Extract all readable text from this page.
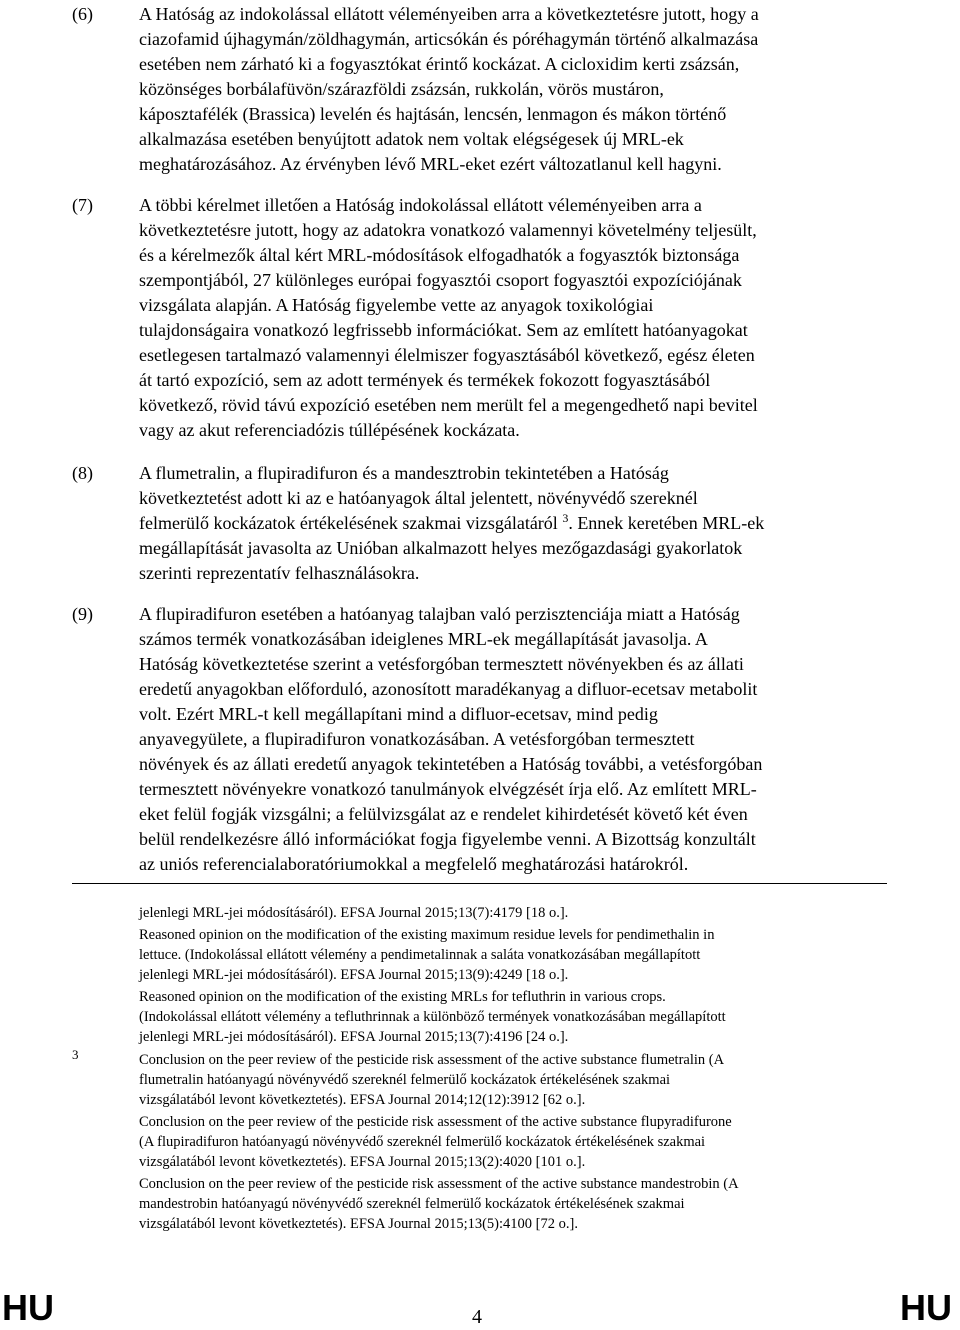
(6)	A Hatóság az indokolással ellátott véleményeiben arra a következtetésre jutott, hogy a
ciazofamid újhagymán/zöldhagymán, articsókán és póréhagymán történő alkalmazása
esetében nem zárható ki a fogyasztókat érintő kockázat. A cicloxidim kerti zsázsán,
közönséges borbálafüvön/szárazföldi zsázsán, rukkolán, vörös mustáron,
káposztafélék (Brassica) levelén és hajtásán, lencsén, lenmagon és mákon történő
alkalmazása esetében benyújtott adatok nem voltak elégségesek új MRL-ek
meghatározásához. Az érvényben lévő MRL-eket ezért változatlanul kell hagyni.
(7)	A többi kérelmet illetően a Hatóság indokolással ellátott véleményeiben arra a
következtetésre jutott, hogy az adatokra vonatkozó valamennyi követelmény teljesült,
és a kérelmezők által kért MRL-módosítások elfogadhatók a fogyasztók biztonsága
szempontjából, 27 különleges európai fogyasztói csoport fogyasztói expozíciójának
vizsgálata alapján. A Hatóság figyelembe vette az anyagok toxikológiai
tulajdonságaira vonatkozó legfrissebb információkat. Sem az említett hatóanyagokat
esetlegesen tartalmazó valamennyi élelmiszer fogyasztásából következő, egész életen
át tartó expozíció, sem az adott termények és termékek fokozott fogyasztásából
következő, rövid távú expozíció esetében nem merült fel a megengedhető napi bevitel
vagy az akut referenciadózis túllépésének kockázata.
(8)	A flumetralin, a flupiradifuron és a mandesztrobin tekintetében a Hatóság
következtetést adott ki az e hatóanyagok által jelentett, növényvédő szereknél
felmerülő kockázatok értékelésének szakmai vizsgálatáról $^3$. Ennek keretében MRL-ek
megállapítását javasolta az Unióban alkalmazott helyes mezőgazdasági gyakorlatok
szerinti reprezentatív felhasználásokra.
(9)	A flupiradifuron esetében a hatóanyag talajban való perzisztenciája miatt a Hatóság
számos termék vonatkozásában ideiglenes MRL-ek megállapítását javasolja. A
Hatóság következtetése szerint a vetésforgóban termesztett növényekben és az állati
eredetű anyagokban előforduló, azonosított maradékanyag a difluor-ecetsav metabolit
volt. Ezért MRL-t kell megállapítani mind a difluor-ecetsav, mind pedig
anyavegyülete, a flupiradifuron vonatkozásában. A vetésforgóban termesztett
növények és az állati eredetű anyagok tekintetében a Hatóság további, a vetésforgóban
termesztett növényekre vonatkozó tanulmányok elvégzését írja elő. Az említett MRL-
eket felül fogják vizsgálni; a felülvizsgálat az e rendelet kihirdetését követő két éven
belül rendelkezésre álló információkat fogja figyelembe venni. A Bizottság konzultált
az uniós referencialaboratóriumokkal a megfelelő meghatározási határokról.
3
jelenlegi MRL-jei módosításáról). EFSA Journal 2015;13(7):4179 [18 o.].
Reasoned opinion on the modification of the existing maximum residue levels for pendimethalin in
lettuce. (Indokolással ellátott vélemény a pendimetalinnak a saláta vonatkozásában megállapított
jelenlegi MRL-jei módosításáról). EFSA Journal 2015;13(9):4249 [18 o.].
Reasoned opinion on the modification of the existing MRLs for tefluthrin in various crops.
(Indokolással ellátott vélemény a tefluthrinnak a különböző termények vonatkozásában megállapított
jelenlegi MRL-jei módosításáról). EFSA Journal 2015;13(7):4196 [24 o.].
Conclusion on the peer review of the pesticide risk assessment of the active substance flumetralin (A
flumetralin hatóanyagú növényvédő szereknél felmerülő kockázatok értékelésének szakmai
vizsgálatából levont következtetés). EFSA Journal 2014;12(12):3912 [62 o.].
Conclusion on the peer review of the pesticide risk assessment of the active substance flupyradifurone
(A flupiradifuron hatóanyagú növényvédő szereknél felmerülő kockázatok értékelésének szakmai
vizsgálatából levont következtetés). EFSA Journal 2015;13(2):4020 [101 o.].
Conclusion on the peer review of the pesticide risk assessment of the active substance mandestrobin (A
mandestrobin hatóanyagú növényvédő szereknél felmerülő kockázatok értékelésének szakmai
vizsgálatából levont következtetés). EFSA Journal 2015;13(5):4100 [72 o.].
HU	4	HU
